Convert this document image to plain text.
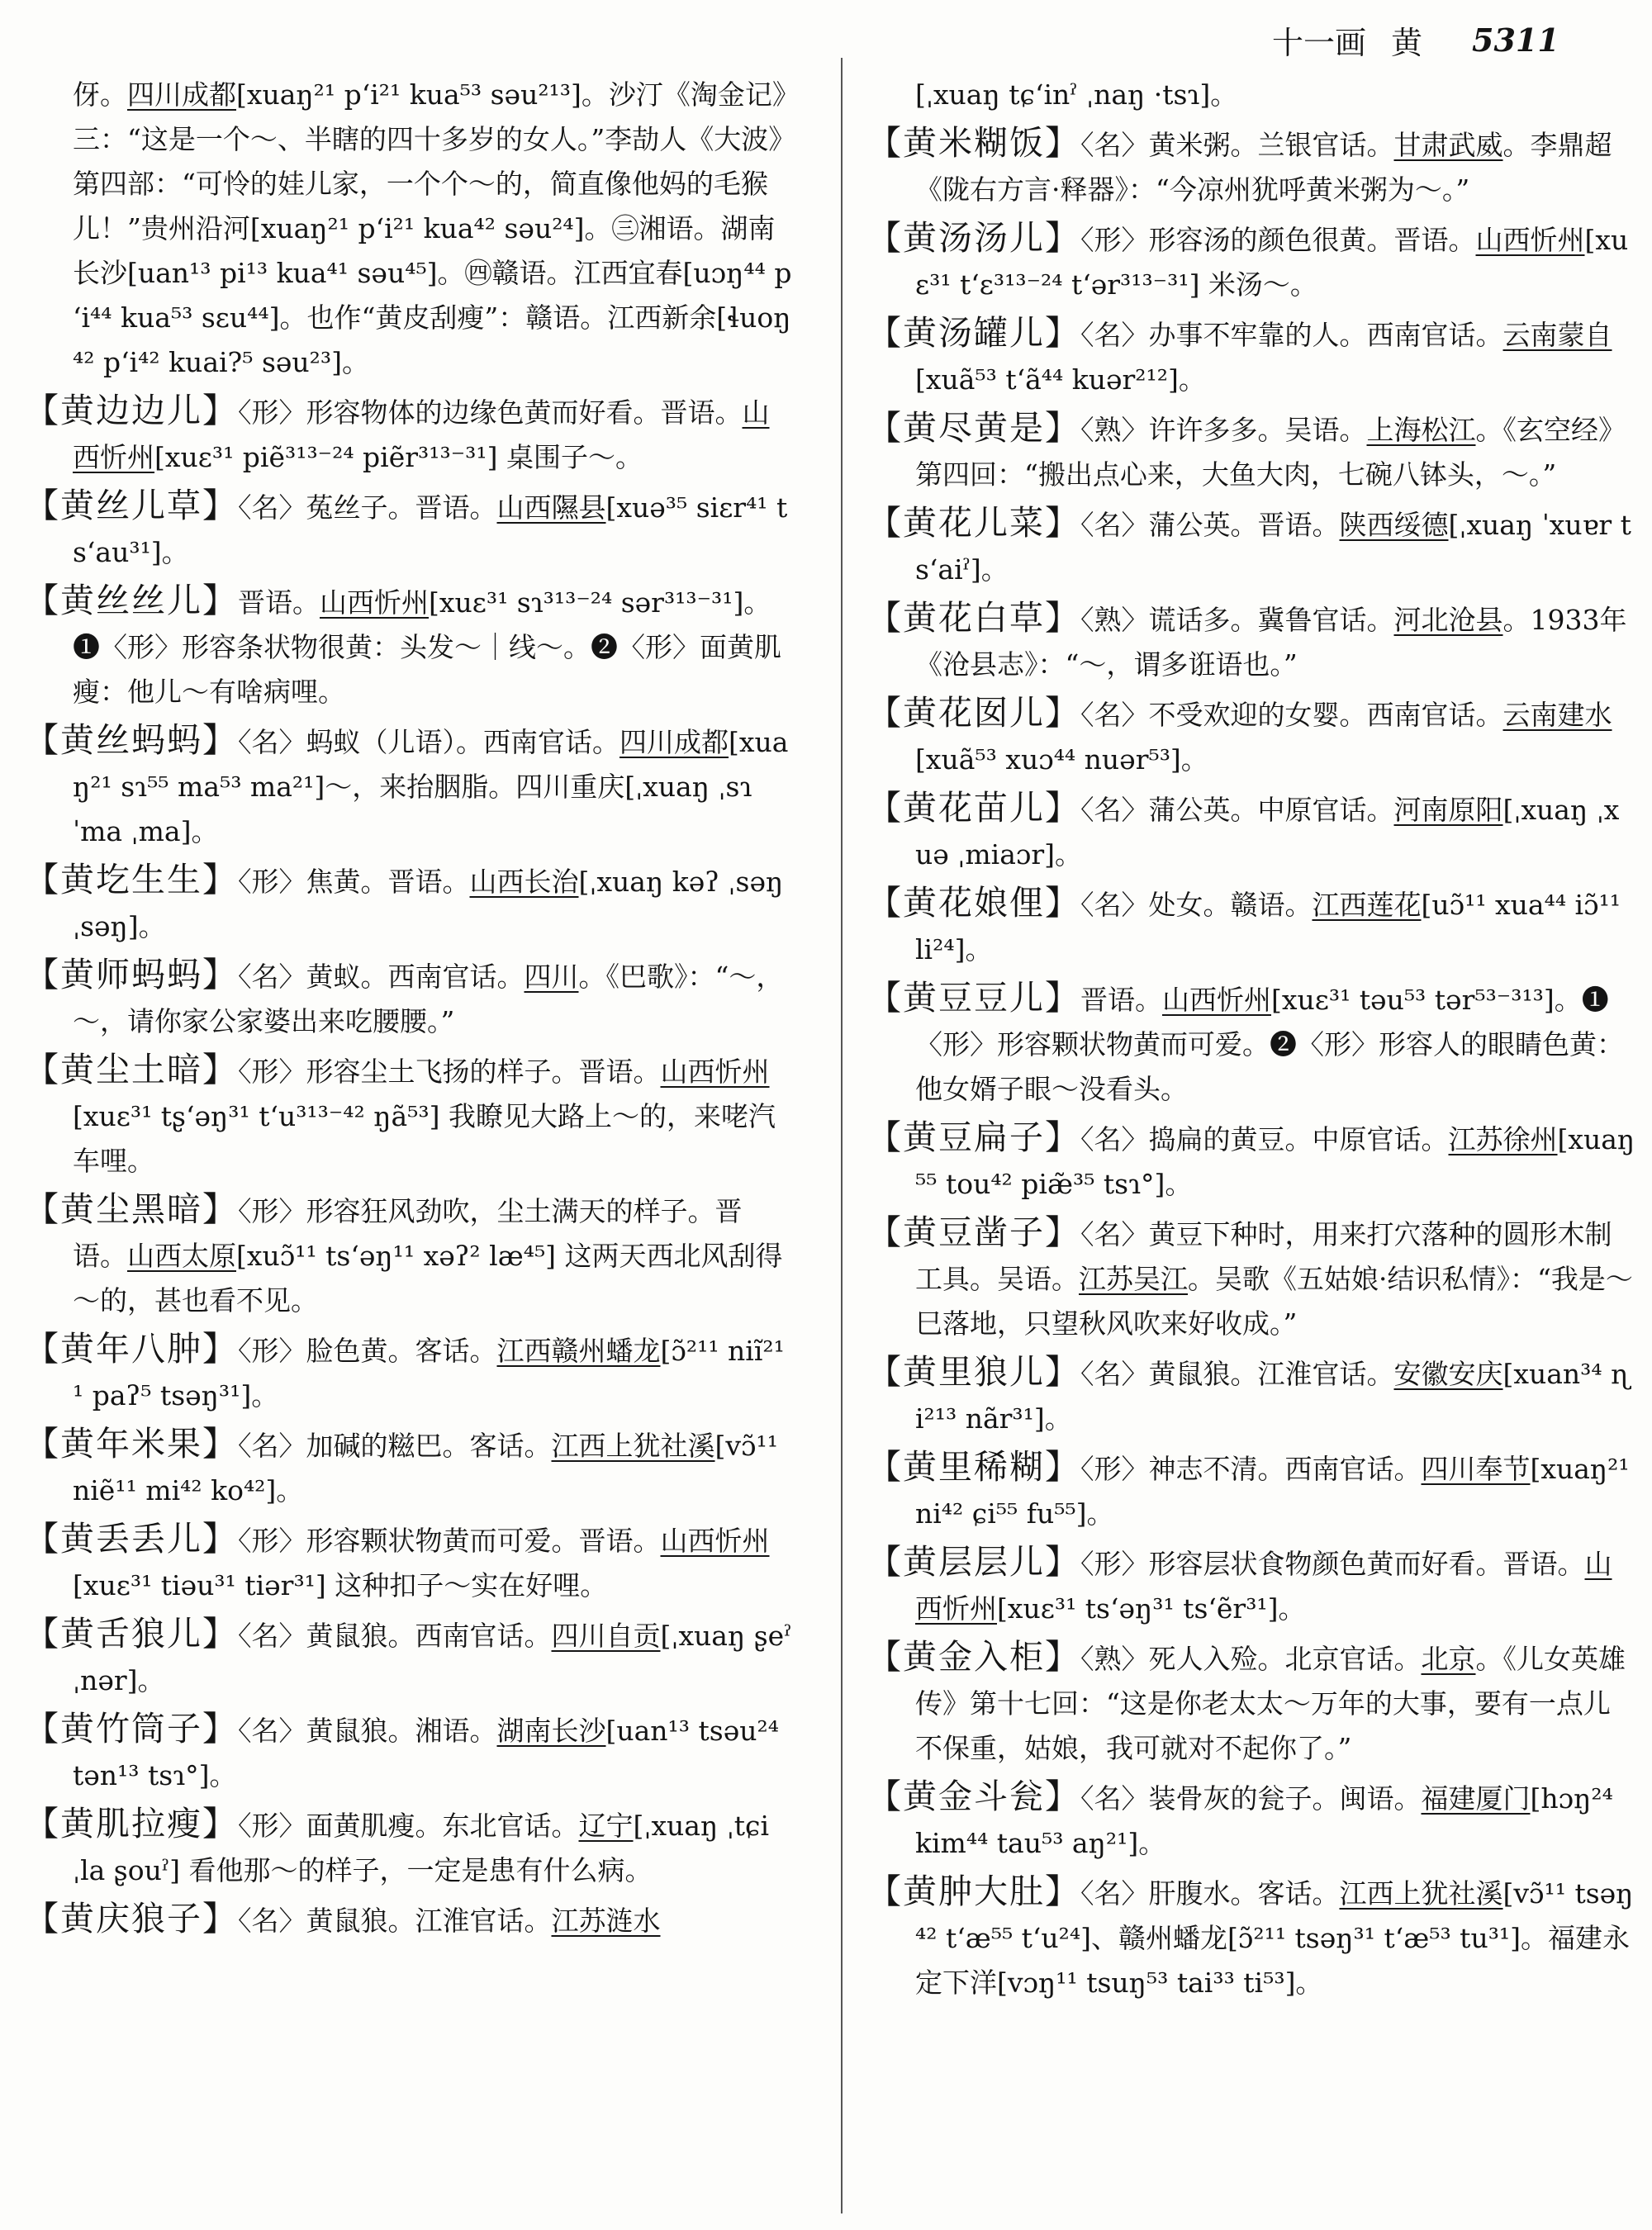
十一画 黄 5311
伢。四川成都[xuaŋ²¹ pʻi²¹ kua⁵³ səu²¹³]。沙汀《淘金记》三：“这是一个～、半瞎的四十多岁的女人。”李劼人《大波》第四部：“可怜的娃儿家，一个个～的，简直像他妈的毛猴儿！”贵州沿河[xuaŋ²¹ pʻi²¹ kua⁴² səu²⁴]。㊂湘语。湖南长沙[uan¹³ pi¹³ kua⁴¹ səu⁴⁵]。㊃赣语。江西宜春[uɔŋ⁴⁴ pʻi⁴⁴ kua⁵³ sɛu⁴⁴]。也作“黄皮刮瘦”：赣语。江西新余[ɬuoŋ⁴² pʻi⁴² kuai?⁵ səu²³]。
【黄边边儿】〈形〉形容物体的边缘色黄而好看。晋语。山西忻州[xuɛ³¹ piẽ³¹³⁻²⁴ piẽr³¹³⁻³¹] 桌围子～。
【黄丝儿草】〈名〉菟丝子。晋语。山西隰县[xuə³⁵ siɛr⁴¹ tsʻau³¹]。
【黄丝丝儿】晋语。山西忻州[xuɛ³¹ sɿ³¹³⁻²⁴ sər³¹³⁻³¹]。❶〈形〉形容条状物很黄：头发～｜线～。❷〈形〉面黄肌瘦：他儿～有啥病哩。
【黄丝蚂蚂】〈名〉蚂蚁（儿语）。西南官话。四川成都[xuaŋ²¹ sɿ⁵⁵ ma⁵³ ma²¹]～，来抬胭脂。四川重庆[ˌxuaŋ ˌsɿ ˈma ˌma]。
【黄圪生生】〈形〉焦黄。晋语。山西长治[ˌxuaŋ kəʔ ˌsəŋ ˌsəŋ]。
【黄师蚂蚂】〈名〉黄蚁。西南官话。四川。《巴歌》：“～，～，请你家公家婆出来吃腰腰。”
【黄尘土暗】〈形〉形容尘土飞扬的样子。晋语。山西忻州[xuɛ³¹ tʂʻəŋ³¹ tʻu³¹³⁻⁴² ŋã⁵³] 我瞭见大路上～的，来咾汽车哩。
【黄尘黑暗】〈形〉形容狂风劲吹，尘土满天的样子。晋语。山西太原[xuɔ̃¹¹ tsʻəŋ¹¹ xəʔ² læ⁴⁵] 这两天西北风刮得～的，甚也看不见。
【黄年八肿】〈形〉脸色黄。客话。江西赣州蟠龙[ɔ̃²¹¹ niĩ²¹¹ paʔ⁵ tsəŋ³¹]。
【黄年米果】〈名〉加碱的糍巴。客话。江西上犹社溪[vɔ̃¹¹ niẽ¹¹ mi⁴² ko⁴²]。
【黄丢丢儿】〈形〉形容颗状物黄而可爱。晋语。山西忻州[xuɛ³¹ tiəu³¹ tiər³¹] 这种扣子～实在好哩。
【黄舌狼儿】〈名〉黄鼠狼。西南官话。四川自贡[ˌxuaŋ ʂeˀ ˌnər]。
【黄竹筒子】〈名〉黄鼠狼。湘语。湖南长沙[uan¹³ tsəu²⁴ tən¹³ tsɿ°]。
【黄肌拉瘦】〈形〉面黄肌瘦。东北官话。辽宁[ˌxuaŋ ˌtɕi ˌla ʂouˀ] 看他那～的样子，一定是患有什么病。
【黄庆狼子】〈名〉黄鼠狼。江淮官话。江苏涟水
[ˌxuaŋ tɕʻinˀ ˌnaŋ ·tsɿ]。
【黄米糊饭】〈名〉黄米粥。兰银官话。甘肃武威。李鼎超《陇右方言·释器》：“今凉州犹呼黄米粥为～。”
【黄汤汤儿】〈形〉形容汤的颜色很黄。晋语。山西忻州[xuɛ³¹ tʻɛ³¹³⁻²⁴ tʻər³¹³⁻³¹] 米汤～。
【黄汤罐儿】〈名〉办事不牢靠的人。西南官话。云南蒙自[xuã⁵³ tʻã⁴⁴ kuər²¹²]。
【黄尽黄是】〈熟〉许许多多。吴语。上海松江。《玄空经》第四回：“搬出点心来，大鱼大肉，七碗八钵头，～。”
【黄花儿菜】〈名〉蒲公英。晋语。陕西绥德[ˌxuaŋ ˈxuɐr tsʻaiˀ]。
【黄花白草】〈熟〉谎话多。冀鲁官话。河北沧县。1933年《沧县志》：“～，谓多诳语也。”
【黄花囡儿】〈名〉不受欢迎的女婴。西南官话。云南建水[xuã⁵³ xuɔ⁴⁴ nuər⁵³]。
【黄花苗儿】〈名〉蒲公英。中原官话。河南原阳[ˌxuaŋ ˌxuə ˌmiaɔr]。
【黄花娘俚】〈名〉处女。赣语。江西莲花[uɔ̃¹¹ xua⁴⁴ iɔ̃¹¹ li²⁴]。
【黄豆豆儿】晋语。山西忻州[xuɛ³¹ təu⁵³ tər⁵³⁻³¹³]。❶〈形〉形容颗状物黄而可爱。❷〈形〉形容人的眼睛色黄：他女婿子眼～没看头。
【黄豆扁子】〈名〉捣扁的黄豆。中原官话。江苏徐州[xuaŋ⁵⁵ tou⁴² piæ̃³⁵ tsɿ°]。
【黄豆凿子】〈名〉黄豆下种时，用来打穴落种的圆形木制工具。吴语。江苏吴江。吴歌《五姑娘·结识私情》：“我是～巳落地，只望秋风吹来好收成。”
【黄里狼儿】〈名〉黄鼠狼。江淮官话。安徽安庆[xuan³⁴ ɳi²¹³ nãr³¹]。
【黄里稀糊】〈形〉神志不清。西南官话。四川奉节[xuaŋ²¹ ni⁴² ɕi⁵⁵ fu⁵⁵]。
【黄层层儿】〈形〉形容层状食物颜色黄而好看。晋语。山西忻州[xuɛ³¹ tsʻəŋ³¹ tsʻẽr³¹]。
【黄金入柜】〈熟〉死人入殓。北京官话。北京。《儿女英雄传》第十七回：“这是你老太太～万年的大事，要有一点儿不保重，姑娘，我可就对不起你了。”
【黄金斗瓮】〈名〉装骨灰的瓮子。闽语。福建厦门[hɔŋ²⁴ kim⁴⁴ tau⁵³ aŋ²¹]。
【黄肿大肚】〈名〉肝腹水。客话。江西上犹社溪[vɔ̃¹¹ tsəŋ⁴² tʻæ⁵⁵ tʻu²⁴]、赣州蟠龙[ɔ̃²¹¹ tsəŋ³¹ tʻæ⁵³ tu³¹]。福建永定下洋[vɔŋ¹¹ tsuŋ⁵³ tai³³ ti⁵³]。
